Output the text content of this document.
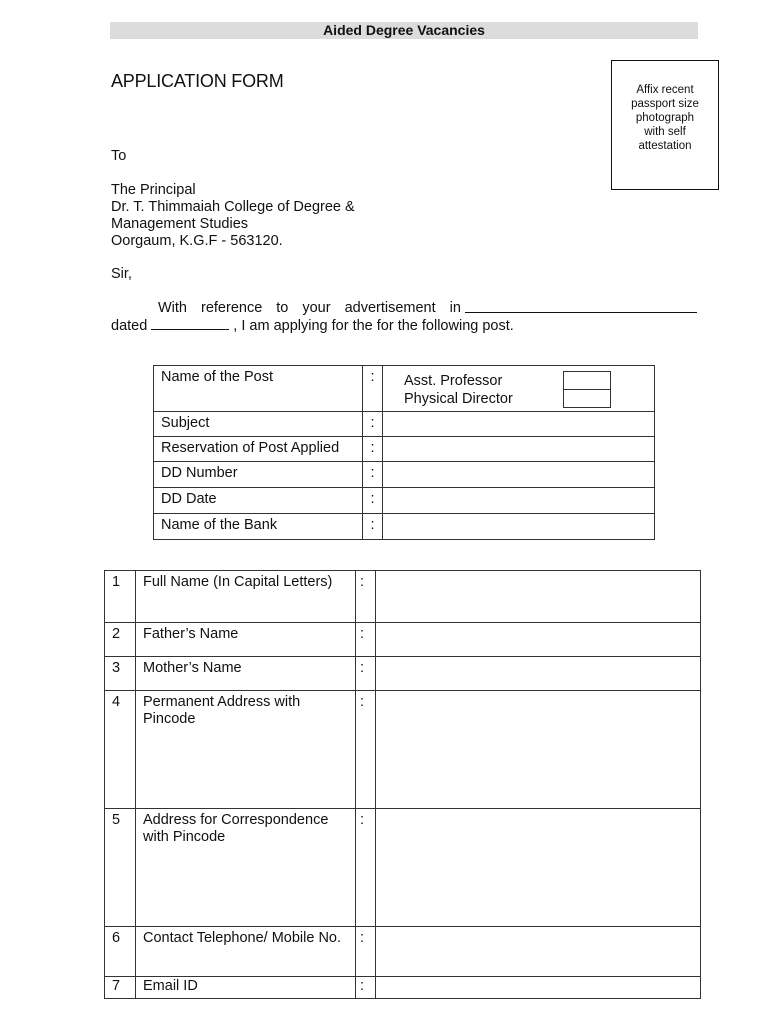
Aided Degree Vacancies
APPLICATION FORM	Affix recent
passport size
photograph
with self
attestation
To
The Principal
Dr. T. Thimmaiah College of Degree &
Management Studies
Oorgaum, K.G.F - 563120.
Sir,
With reference to your advertisement in
dated	, I am applying for the for the following post.
Name of the Post	:	Asst. Professor
Physical Director

Subject	:	
Reservation of Post Applied	:	
DD Number	:	
DD Date	:	
Name of the Bank	:	
1	Full Name (In Capital Letters)	:	
2	Father’s Name	:	
3	Mother’s Name	:	
4	Permanent Address with Pincode	:	
5	Address for Correspondence with Pincode	:	
6	Contact Telephone/ Mobile No.	:	
7	Email ID	:	
